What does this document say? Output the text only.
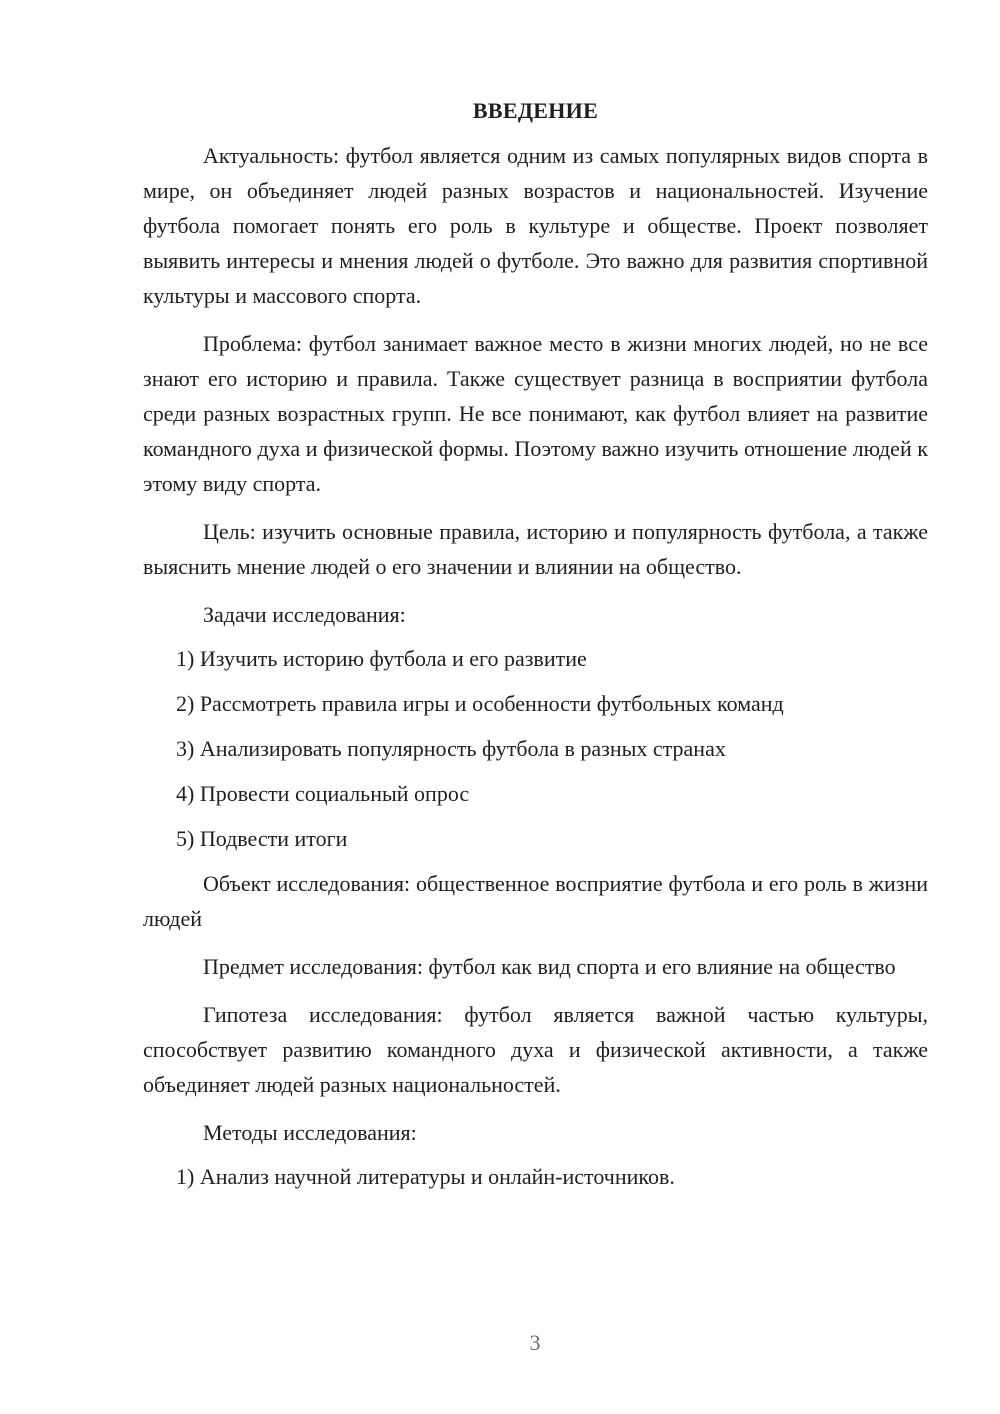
ВВЕДЕНИЕ

Актуальность: футбол является одним из самых популярных видов спорта в мире, он объединяет людей разных возрастов и национальностей. Изучение футбола помогает понять его роль в культуре и обществе. Проект позволяет выявить интересы и мнения людей о футболе. Это важно для развития спортивной культуры и массового спорта.

Проблема: футбол занимает важное место в жизни многих людей, но не все знают его историю и правила. Также существует разница в восприятии футбола среди разных возрастных групп. Не все понимают, как футбол влияет на развитие командного духа и физической формы. Поэтому важно изучить отношение людей к этому виду спорта.

Цель: изучить основные правила, историю и популярность футбола, а также выяснить мнение людей о его значении и влиянии на общество.

Задачи исследования:

1) Изучить историю футбола и его развитие
2) Рассмотреть правила игры и особенности футбольных команд
3) Анализировать популярность футбола в разных странах
4) Провести социальный опрос
5) Подвести итоги

Объект исследования: общественное восприятие футбола и его роль в жизни людей

Предмет исследования: футбол как вид спорта и его влияние на общество

Гипотеза исследования: футбол является важной частью культуры, способствует развитию командного духа и физической активности, а также объединяет людей разных национальностей.

Методы исследования:

1) Анализ научной литературы и онлайн-источников.
3
